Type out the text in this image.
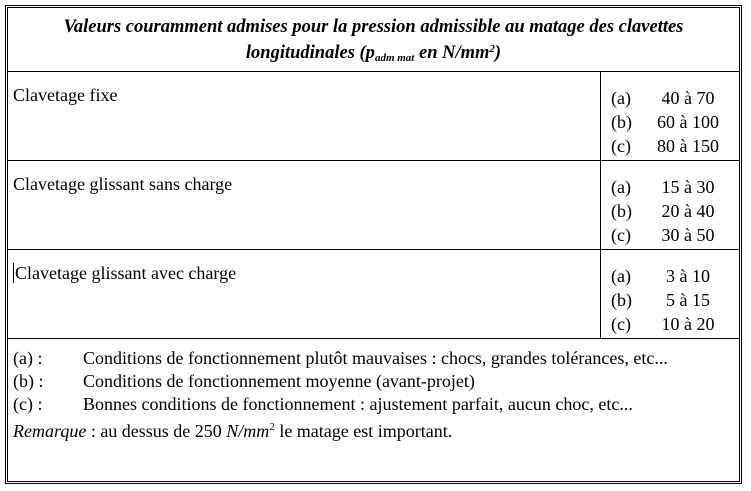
Valeurs couramment admises pour la pression admissible au matage des clavettes
longitudinales ($p_{adm mat}$ en $N/mm^2$)
Clavetage fixe	(a)	40 à 70
(b)	60 à 100
(c)	80 à 150
Clavetage glissant sans charge	(a)	15 à 30
(b)	20 à 40
(c)	30 à 50
Clavetage glissant avec charge	(a)	3 à 10
(b)	5 à 15
(c)	10 à 20
(a) : Conditions de fonctionnement plutôt mauvaises : chocs, grandes tolérances, etc...
(b) : Conditions de fonctionnement moyenne (avant-projet)
(c) : Bonnes conditions de fonctionnement : ajustement parfait, aucun choc, etc...
Remarque : au dessus de 250 $N/mm^2$ le matage est important.
